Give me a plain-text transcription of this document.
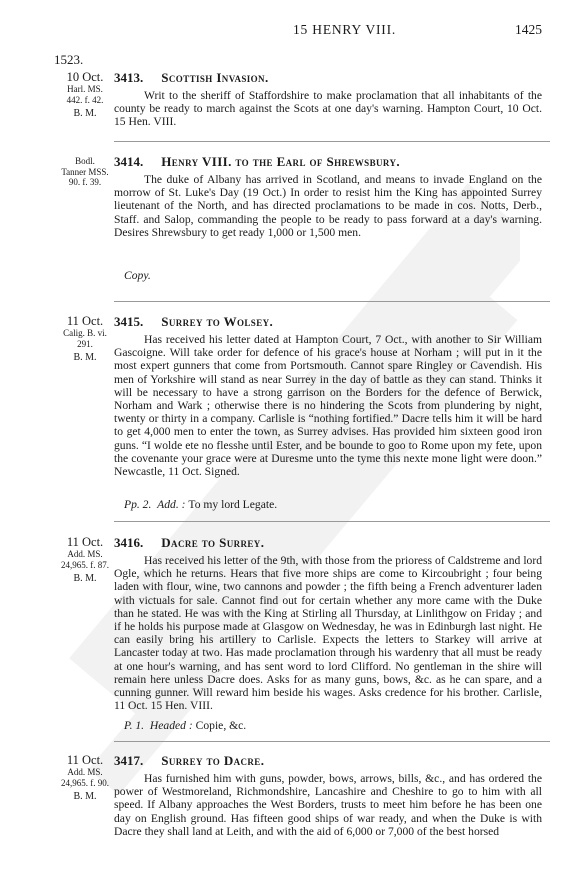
15 HENRY VIII.	1425
1523.
10 Oct.
Harl. MS.
442. f. 42.
B. M.
3413. Scottish Invasion.
Writ to the sheriff of Staffordshire to make proclamation that all inhabitants of the county be ready to march against the Scots at one day's warning. Hampton Court, 10 Oct. 15 Hen. VIII.
Bodl.
Tanner MSS.
90. f. 39.
3414. Henry VIII. to the Earl of Shrewsbury.
The duke of Albany has arrived in Scotland, and means to invade England on the morrow of St. Luke's Day (19 Oct.) In order to resist him the King has appointed Surrey lieutenant of the North, and has directed proclamations to be made in cos. Notts, Derb., Staff. and Salop, commanding the people to be ready to pass forward at a day's warning. Desires Shrewsbury to get ready 1,000 or 1,500 men.
Copy.
11 Oct.
Calig. B. vi.
291.
B. M.
3415. Surrey to Wolsey.
Has received his letter dated at Hampton Court, 7 Oct., with another to Sir William Gascoigne. Will take order for defence of his grace's house at Norham ; will put in it the most expert gunners that come from Portsmouth. Cannot spare Ringley or Cavendish. His men of Yorkshire will stand as near Surrey in the day of battle as they can stand. Thinks it will be necessary to have a strong garrison on the Borders for the defence of Berwick, Norham and Wark ; otherwise there is no hindering the Scots from plundering by night, twenty or thirty in a company. Carlisle is “nothing fortified.” Dacre tells him it will be hard to get 4,000 men to enter the town, as Surrey advises. Has provided him sixteen good iron guns. “I wolde ete no flesshe until Ester, and be bounde to goo to Rome upon my fete, upon the covenante your grace were at Duresme unto the tyme this nexte mone light were doon.” Newcastle, 11 Oct. Signed.
Pp. 2. Add. : To my lord Legate.
11 Oct.
Add. MS.
24,965. f. 87.
B. M.
3416. Dacre to Surrey.
Has received his letter of the 9th, with those from the prioress of Caldstreme and lord Ogle, which he returns. Hears that five more ships are come to Kircoubright ; four being laden with flour, wine, two cannons and powder ; the fifth being a French adventurer laden with victuals for sale. Cannot find out for certain whether any more came with the Duke than he stated. He was with the King at Stirling all Thursday, at Linlithgow on Friday ; and if he holds his purpose made at Glasgow on Wednesday, he was in Edinburgh last night. He can easily bring his artillery to Carlisle. Expects the letters to Starkey will arrive at Lancaster today at two. Has made proclamation through his wardenry that all must be ready at one hour's warning, and has sent word to lord Clifford. No gentleman in the shire will remain here unless Dacre does. Asks for as many guns, bows, &c. as he can spare, and a cunning gunner. Will reward him beside his wages. Asks credence for his brother. Carlisle, 11 Oct. 15 Hen. VIII.
P. 1. Headed : Copie, &c.
11 Oct.
Add. MS.
24,965. f. 90.
B. M.
3417. Surrey to Dacre.
Has furnished him with guns, powder, bows, arrows, bills, &c., and has ordered the power of Westmoreland, Richmondshire, Lancashire and Cheshire to go to him with all speed. If Albany approaches the West Borders, trusts to meet him before he has been one day on English ground. Has fifteen good ships of war ready, and when the Duke is with Dacre they shall land at Leith, and with the aid of 6,000 or 7,000 of the best horsed
